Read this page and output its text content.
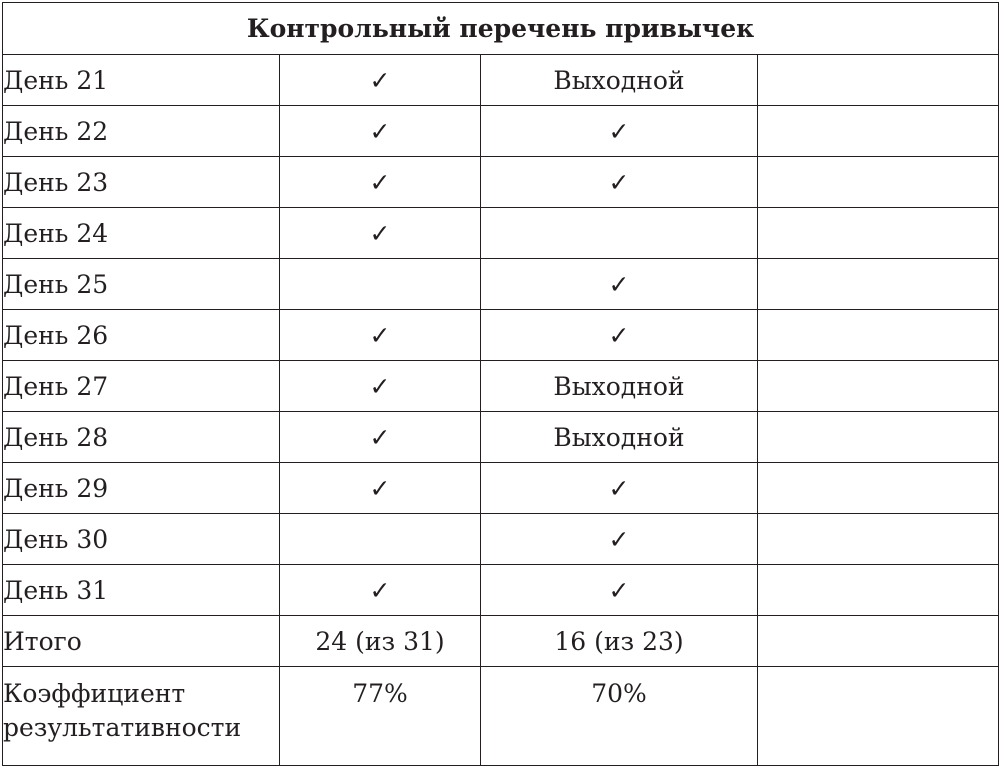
Контрольный перечень привычек			
День 21	✓	Выходной	
День 22	✓	✓	
День 23	✓	✓	
День 24	✓		
День 25		✓	
День 26	✓	✓	
День 27	✓	Выходной	
День 28	✓	Выходной	
День 29	✓	✓	
День 30		✓	
День 31	✓	✓	
Итого	24 (из 31)	16 (из 23)	
Коэффициент
результативности	77%	70%	
